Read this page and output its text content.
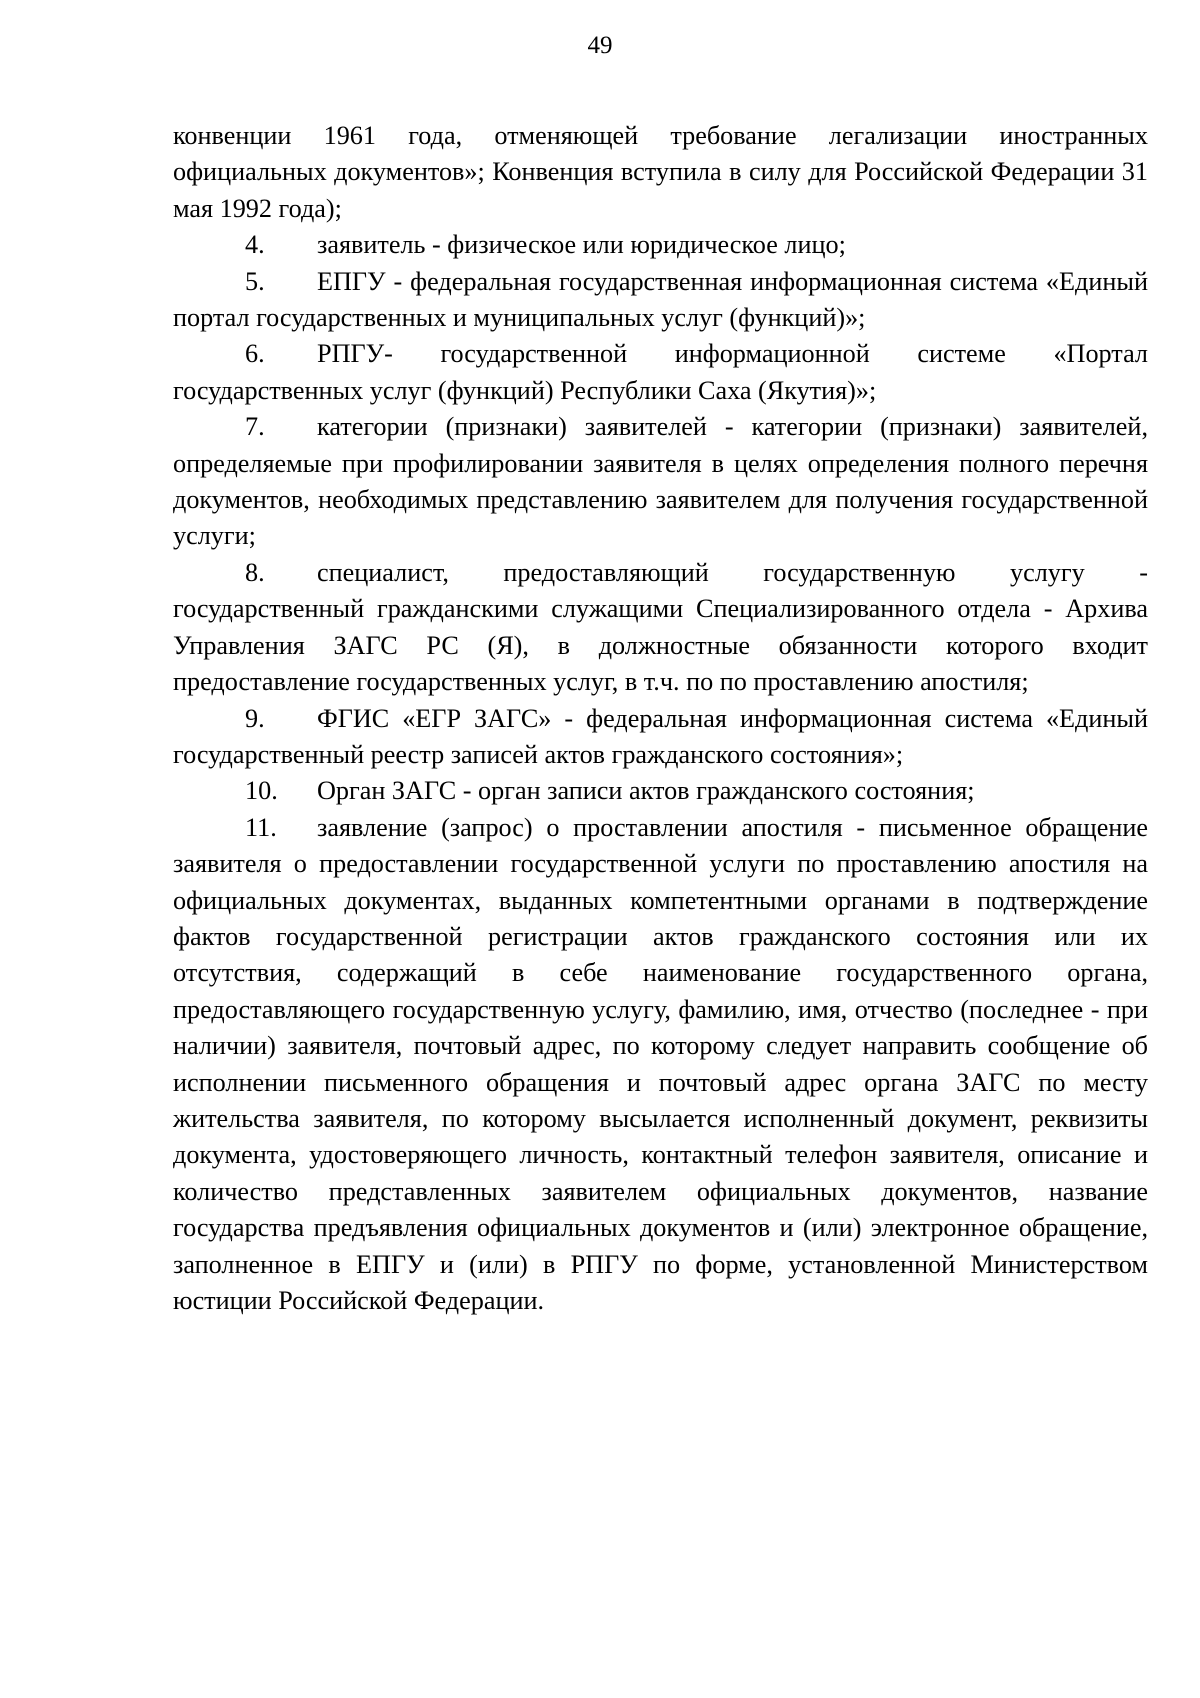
49

конвенции 1961 года, отменяющей требование легализации иностранных официальных документов»; Конвенция вступила в силу для Российской Федерации 31 мая 1992 года);

4. заявитель - физическое или юридическое лицо;

5. ЕПГУ - федеральная государственная информационная система «Единый портал государственных и муниципальных услуг (функций)»;

6. РПГУ- государственной информационной системе «Портал государственных услуг (функций) Республики Саха (Якутия)»;

7. категории (признаки) заявителей - категории (признаки) заявителей, определяемые при профилировании заявителя в целях определения полного перечня документов, необходимых представлению заявителем для получения государственной услуги;

8. специалист, предоставляющий государственную услугу - государственный гражданскими служащими Специализированного отдела - Архива Управления ЗАГС РС (Я), в должностные обязанности которого входит предоставление государственных услуг, в т.ч. по по проставлению апостиля;

9. ФГИС «ЕГР ЗАГС» - федеральная информационная система «Единый государственный реестр записей актов гражданского состояния»;

10. Орган ЗАГС - орган записи актов гражданского состояния;

11. заявление (запрос) о проставлении апостиля - письменное обращение заявителя о предоставлении государственной услуги по проставлению апостиля на официальных документах, выданных компетентными органами в подтверждение фактов государственной регистрации актов гражданского состояния или их отсутствия, содержащий в себе наименование государственного органа, предоставляющего государственную услугу, фамилию, имя, отчество (последнее - при наличии) заявителя, почтовый адрес, по которому следует направить сообщение об исполнении письменного обращения и почтовый адрес органа ЗАГС по месту жительства заявителя, по которому высылается исполненный документ, реквизиты документа, удостоверяющего личность, контактный телефон заявителя, описание и количество представленных заявителем официальных документов, название государства предъявления официальных документов и (или) электронное обращение, заполненное в ЕПГУ и (или) в РПГУ по форме, установленной Министерством юстиции Российской Федерации.
